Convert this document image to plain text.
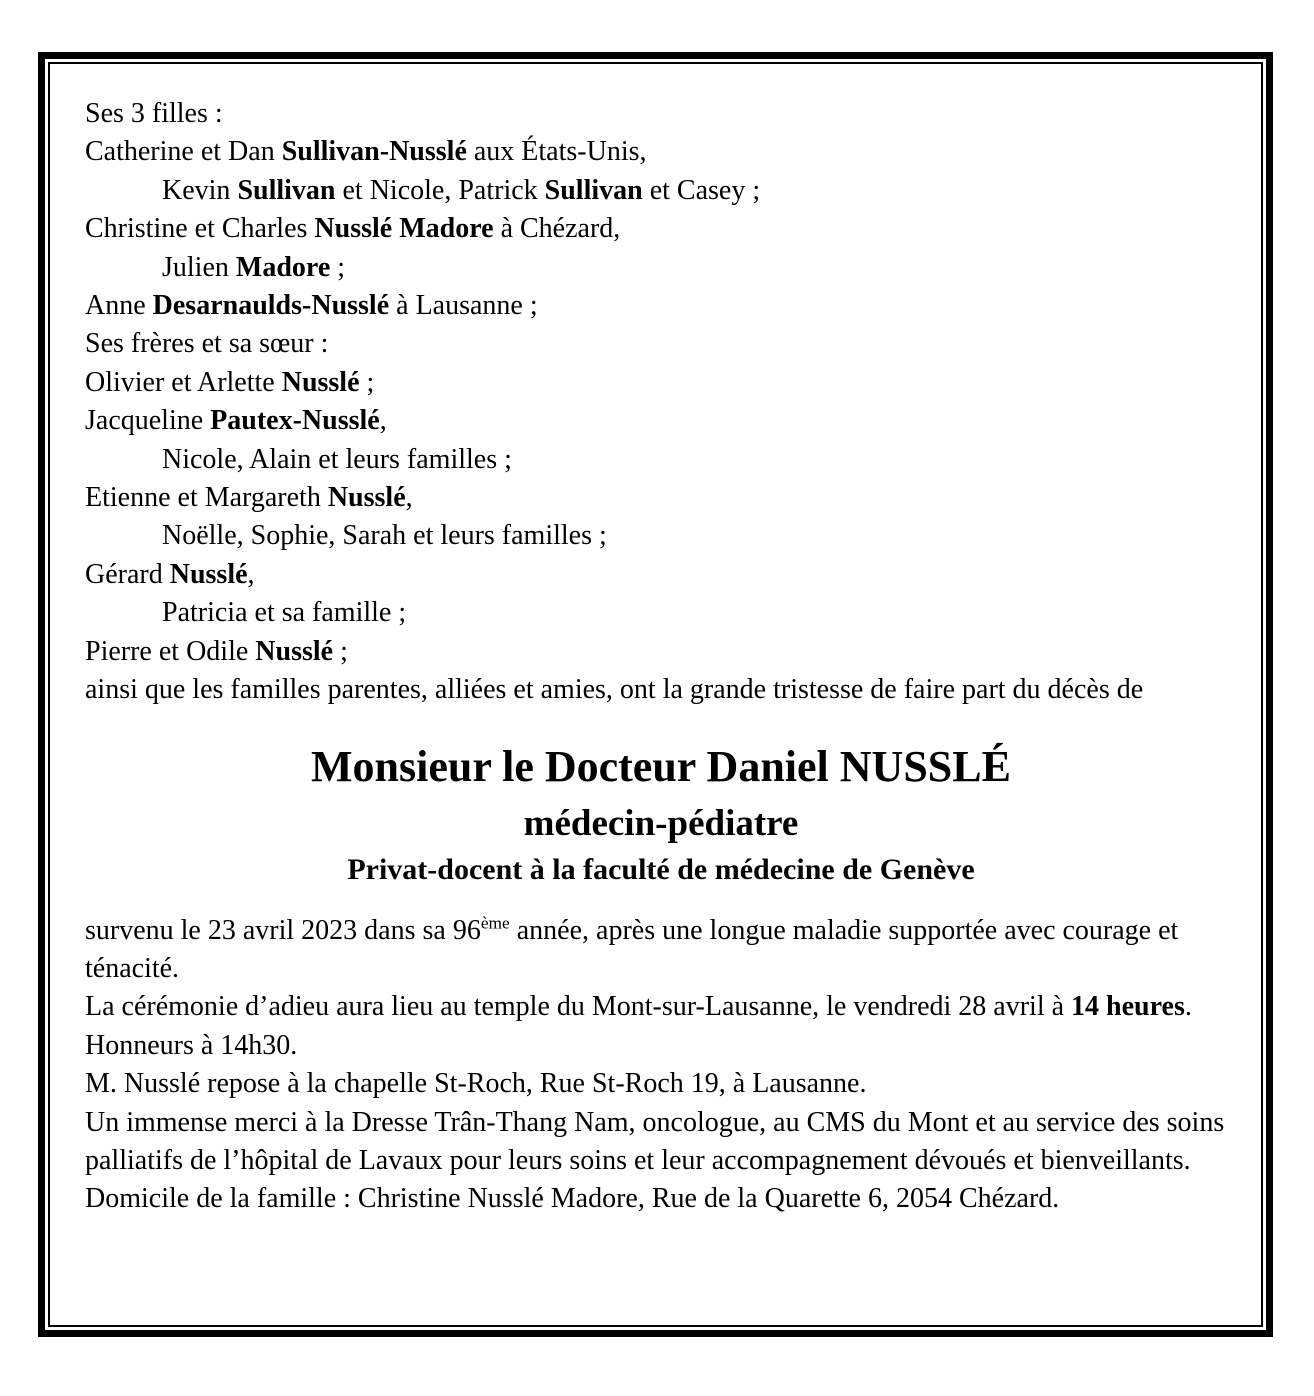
Ses 3 filles :
Catherine et Dan Sullivan-Nusslé aux États-Unis,
Kevin Sullivan et Nicole, Patrick Sullivan et Casey ;
Christine et Charles Nusslé Madore à Chézard,
Julien Madore ;
Anne Desarnaulds-Nusslé à Lausanne ;
Ses frères et sa sœur :
Olivier et Arlette Nusslé ;
Jacqueline Pautex-Nusslé,
Nicole, Alain et leurs familles ;
Etienne et Margareth Nusslé,
Noëlle, Sophie, Sarah et leurs familles ;
Gérard Nusslé,
Patricia et sa famille ;
Pierre et Odile Nusslé ;
ainsi que les familles parentes, alliées et amies, ont la grande tristesse de faire part du décès de

Monsieur le Docteur Daniel NUSSLÉ

médecin-pédiatre

Privat-docent à la faculté de médecine de Genève

survenu le 23 avril 2023 dans sa 96ème année, après une longue maladie supportée avec courage et ténacité.
La cérémonie d’adieu aura lieu au temple du Mont-sur-Lausanne, le vendredi 28 avril à 14 heures. Honneurs à 14h30.
M. Nusslé repose à la chapelle St-Roch, Rue St-Roch 19, à Lausanne.
Un immense merci à la Dresse Trân-Thang Nam, oncologue, au CMS du Mont et au service des soins palliatifs de l’hôpital de Lavaux pour leurs soins et leur accompagnement dévoués et bienveillants.
Domicile de la famille : Christine Nusslé Madore, Rue de la Quarette 6, 2054 Chézard.
